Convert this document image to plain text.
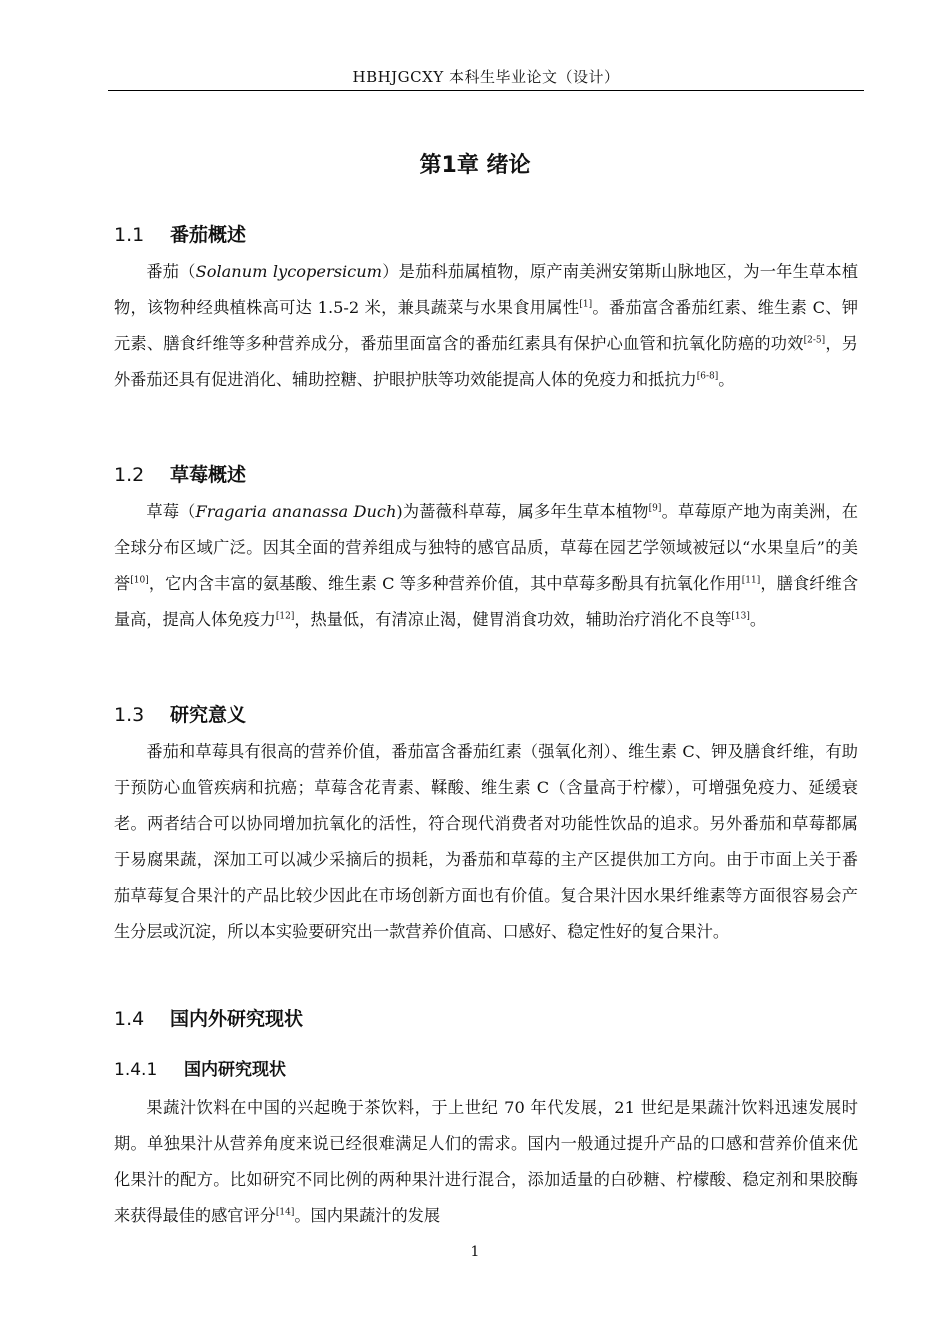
HBHJGCXY 本科生毕业论文（设计）
第1章 绪论
1.1 番茄概述
番茄（Solanum lycopersicum）是茄科茄属植物，原产南美洲安第斯山脉地区，为一年生草本植物，该物种经典植株高可达 1.5-2 米，兼具蔬菜与水果食用属性[1]。番茄富含番茄红素、维生素 C、钾元素、膳食纤维等多种营养成分，番茄里面富含的番茄红素具有保护心血管和抗氧化防癌的功效[2-5]，另外番茄还具有促进消化、辅助控糖、护眼护肤等功效能提高人体的免疫力和抵抗力[6-8]。
1.2 草莓概述
草莓（Fragaria ananassa Duch)为蔷薇科草莓，属多年生草本植物[9]。草莓原产地为南美洲，在全球分布区域广泛。因其全面的营养组成与独特的感官品质，草莓在园艺学领域被冠以“水果皇后”的美誉[10]，它内含丰富的氨基酸、维生素 C 等多种营养价值，其中草莓多酚具有抗氧化作用[11]，膳食纤维含量高，提高人体免疫力[12]，热量低，有清凉止渴，健胃消食功效，辅助治疗消化不良等[13]。
1.3 研究意义
番茄和草莓具有很高的营养价值，番茄富含番茄红素（强氧化剂）、维生素 C、钾及膳食纤维，有助于预防心血管疾病和抗癌；草莓含花青素、鞣酸、维生素 C（含量高于柠檬），可增强免疫力、延缓衰老。两者结合可以协同增加抗氧化的活性，符合现代消费者对功能性饮品的追求。另外番茄和草莓都属于易腐果蔬，深加工可以减少采摘后的损耗，为番茄和草莓的主产区提供加工方向。由于市面上关于番茄草莓复合果汁的产品比较少因此在市场创新方面也有价值。复合果汁因水果纤维素等方面很容易会产生分层或沉淀，所以本实验要研究出一款营养价值高、口感好、稳定性好的复合果汁。
1.4 国内外研究现状
1.4.1 国内研究现状
果蔬汁饮料在中国的兴起晚于茶饮料，于上世纪 70 年代发展，21 世纪是果蔬汁饮料迅速发展时期。单独果汁从营养角度来说已经很难满足人们的需求。国内一般通过提升产品的口感和营养价值来优化果汁的配方。比如研究不同比例的两种果汁进行混合，添加适量的白砂糖、柠檬酸、稳定剂和果胶酶来获得最佳的感官评分[14]。国内果蔬汁的发展
1
